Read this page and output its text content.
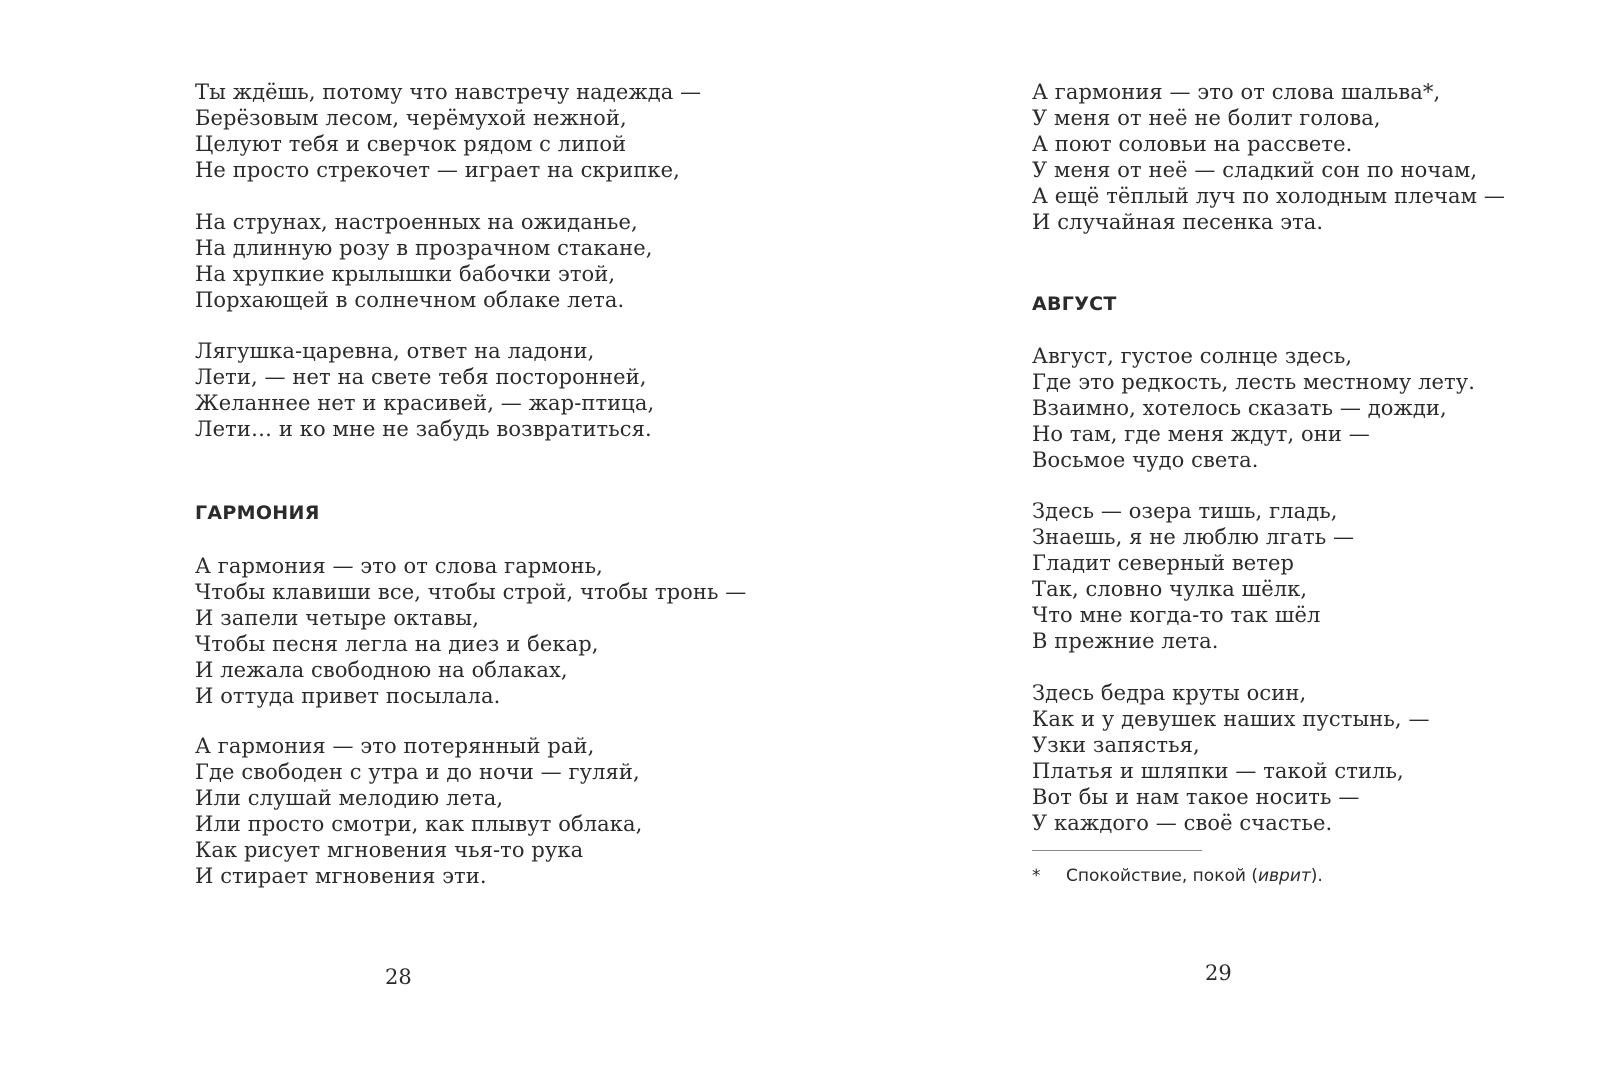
Ты ждёшь, потому что навстречу надежда —
Берёзовым лесом, черёмухой нежной,
Целуют тебя и сверчок рядом с липой
Не просто стрекочет — играет на скрипке,
На струнах, настроенных на ожиданье,
На длинную розу в прозрачном стакане,
На хрупкие крылышки бабочки этой,
Порхающей в солнечном облаке лета.
Лягушка-царевна, ответ на ладони,
Лети, — нет на свете тебя посторонней,
Желаннее нет и красивей, — жар-птица,
Лети… и ко мне не забудь возвратиться.
ГАРМОНИЯ
А гармония — это от слова гармонь,
Чтобы клавиши все, чтобы строй, чтобы тронь —
И запели четыре октавы,
Чтобы песня легла на диез и бекар,
И лежала свободною на облаках,
И оттуда привет посылала.
А гармония — это потерянный рай,
Где свободен с утра и до ночи — гуляй,
Или слушай мелодию лета,
Или просто смотри, как плывут облака,
Как рисует мгновения чья-то рука
И стирает мгновения эти.
28
А гармония — это от слова шальва*,
У меня от неё не болит голова,
А поют соловьи на рассвете.
У меня от неё — сладкий сон по ночам,
А ещё тёплый луч по холодным плечам —
И случайная песенка эта.
АВГУСТ
Август, густое солнце здесь,
Где это редкость, лесть местному лету.
Взаимно, хотелось сказать — дожди,
Но там, где меня ждут, они —
Восьмое чудо света.
Здесь — озера тишь, гладь,
Знаешь, я не люблю лгать —
Гладит северный ветер
Так, словно чулка шёлк,
Что мне когда-то так шёл
В прежние лета.
Здесь бедра круты осин,
Как и у девушек наших пустынь, —
Узки запястья,
Платья и шляпки — такой стиль,
Вот бы и нам такое носить —
У каждого — своё счастье.
29
* Спокойствие, покой (иврит).
